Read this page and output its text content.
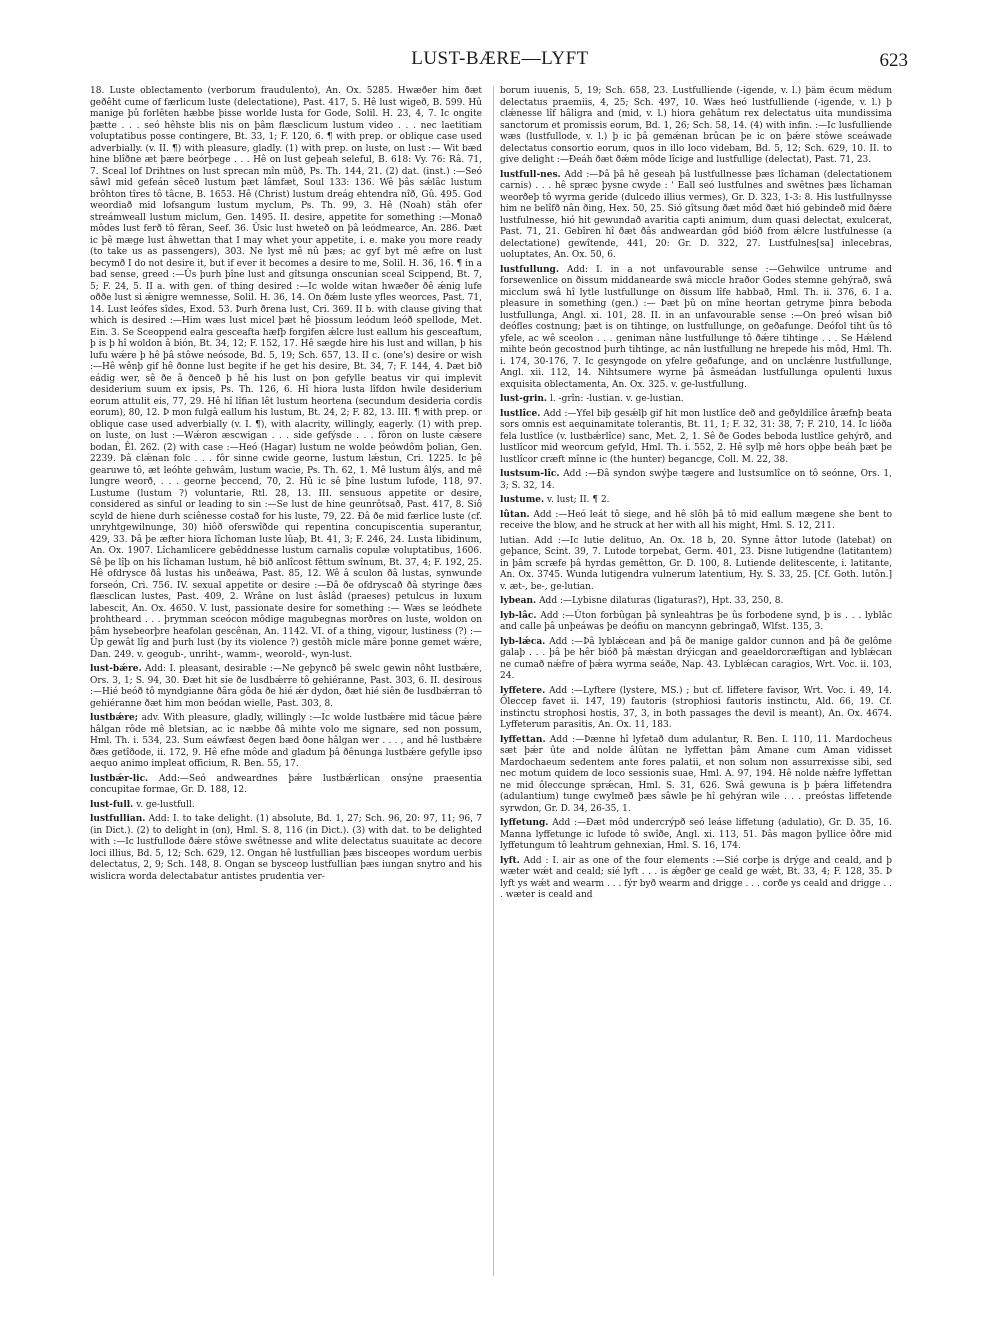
LUST-BÆRE—LYFT	623

18. Luste oblectamento (verborum fraudulento), An. Ox. 5285. Hwæðer him ðæt geðêht cume of færlicum luste (delectatione), Past. 417, 5. Hê lust wigeð, B. 599. Hû manige þû forlêten hæbbe þisse worlde lusta for Gode, Solil. H. 23, 4, 7. Ic ongite þætte . . . seó hêhste blis nis on þâm flæsclicum lustum video . . . nec laetitiam voluptatibus posse contingere, Bt. 33, 1; F. 120, 6. ¶ with prep. or oblique case used adverbially. (v. II. ¶) with pleasure, gladly. (1) with prep. on luste, on lust :— Wit bæd hine blîðne æt þære beórþege . . . Hê on lust geþeah seleful, B. 618: Vy. 76: Râ. 71, 7. Sceal lof Drihtnes on lust sprecan mîn mûð, Ps. Th. 144, 21. (2) dat. (inst.) :—Seó sâwl mid gefeán sêceð lustum þæt lâmfæt, Soul 133: 136. Wê þâs sǽlâc lustum brôhton tîres tô tâcne, B. 1653. Hê (Christ) lustum dreág ehtendra nîð, Gû. 495. God weordiað mid lofsangum lustum myclum, Ps. Th. 99, 3. Hê (Noah) stâh ofer streámweall lustum miclum, Gen. 1495. II. desire, appetite for something :—Monað môdes lust ferð tô fêran, Seef. 36. Ûsic lust hweteð on þâ leódmearce, An. 286. Þæt ic þê mæge lust âhwettan that I may whet your appetite, i. e. make you more ready (to take us as passengers), 303. Ne lyst mê nû þæs; ac gyf byt mê æfre on lust becymð I do not desire it, but if ever it becomes a desire to me, Solil. H. 36, 16. ¶ in a bad sense, greed :—Ûs þurh þîne lust and gîtsunga onscunian sceal Scippend, Bt. 7, 5; F. 24, 5. II a. with gen. of thing desired :—Ic wolde witan hwæðer ðê ǽnig lufe oððe lust si ǽnigre wemnesse, Solil. H. 36, 14. On ðǽm luste yfles weorces, Past. 71, 14. Lust leófes sîdes, Exod. 53. Þurh ðrena lust, Cri. 369. II b. with clause giving that which is desired :—Him wæs lust micel þæt hê þiossum leódum leóð spellode, Met. Ein. 3. Se Sceoppend ealra gesceafta hæfþ forgifen ǽlcre lust eallum his gesceaftum, þ is þ hî woldon â bión, Bt. 34, 12; F. 152, 17. Hê sægde hire his lust and willan, þ his lufu wǽre þ hê þâ stôwe neósode, Bd. 5, 19; Sch. 657, 13. II c. (one's) desire or wish :—Hê wênþ gif hê ðonne lust begite if he get his desire, Bt. 34, 7; F. 144, 4. Þæt bið eádig wer, sê ðe â ðenceð þ hê his lust on þon gefylle beatus vir qui implevit desiderium suum ex ipsis, Ps. Th. 126, 6. Hî hiora lusta lîfdon hwile desiderium eorum attulit eis, 77, 29. Hê hî lîfian lêt lustum heortena (secundum desideria cordis eorum), 80, 12. Þ mon fulgâ eallum his lustum, Bt. 24, 2; F. 82, 13. III. ¶ with prep. or oblique case used adverbially (v. I. ¶), with alacrity, willingly, eagerly. (1) with prep. on luste, on lust :—Wǽron æscwigan . . . side gefýsde . . . fôron on luste cǽsere bodan, Êl. 262. (2) with case :—Heó (Hagar) lustum ne wolde þeówdôm þolian, Gen. 2239. Þâ clǽnan folc . . . fôr sinne cwide georne, lustum lǽstun, Cri. 1225. Ic þê gearuwe tô, æt leóhte gehwâm, lustum wacie, Ps. Th. 62, 1. Mê lustum âlýs, and mê lungre weorð, . . . georne þeccend, 70, 2. Hû ic sê þîne lustum lufode, 118, 97. Lustume (lustum ?) voluntarie, Rtl. 28, 13. III. sensuous appetite or desire, considered as sinful or leading to sin :—Se lust de hine geunrôtsað, Past. 417, 8. Siô scyld de hiene durh sciênesse costað for his luste, 79, 22. Ðâ ðe mid færlice luste (cf. unryhtgewilnunge, 30) hiôð oferswîðde qui repentina concupiscentia superantur, 429, 33. Þâ þe æfter hiora lîchoman luste lûaþ, Bt. 41, 3; F. 246, 24. Lusta libidinum, An. Ox. 1907. Lîchamlicere gebêddnesse lustum carnalis copulæ voluptatibus, 1606. Sê þe lîþ on his lîchaman lustum, hê bið anlîcost fêttum swînum, Bt. 37, 4; F. 192, 25. Hê ofdrysce ðâ lustas his unðeáwa, Past. 85, 12. Wê â sculon ðâ lustas, synwunde forseón, Cri. 756. IV. sexual appetite or desire :—Ðâ ðe ofdryscað ðâ styringe ðæs flæsclican lustes, Past. 409, 2. Wrâne on lust âslâd (praeses) petulcus in luxum labescit, An. Ox. 4650. V. lust, passionate desire for something :— Wæs se leódhete þrohtheard . . . þrymman sceócon môdige magubegnas morðres on luste, woldon on þâm hysebeorþre heafolan gescênan, An. 1142. VI. of a thing, vigour, lustiness (?) :—Ûp gewât lîg and þurh lust (by its violence ?) gestôh micle mâre þonne gemet wǽre, Dan. 249. v. geogub-, unriht-, wamm-, weorold-, wyn-lust.

lust-bǽre. Add: I. pleasant, desirable :—Ne geþyncð þê swelc gewin nôht lustbǽre, Ors. 3, 1; S. 94, 30. Ðæt hit sie ðe lusdbǽrre tô gehiéranne, Past. 303, 6. II. desirous :—Hié beóð tô myndgianne ðâra gôda ðe hié ǽr dydon, ðæt hié siên ðe lusdbǽrran tô gehiéranne ðæt him mon beódan wielle, Past. 303, 8.

lustbǽre; adv. With pleasure, gladly, willingly :—Ic wolde lustbǽre mid tâcue þǽre hâlgan rôde mê bletsian, ac ic næbbe ðâ mihte volo me signare, sed non possum, Hml. Th. i. 534, 23. Sum eáwfæst ðegen bæd ðone hâlgan wer . . . , and hê lustbǽre ðæs getîðode, ii. 172, 9. Hê efne môde and gladum þâ ðênunga lustbǽre gefylle ipso aequo animo impleat officium, R. Ben. 55, 17.

lustbǽr-lic. Add:—Seó andweardnes þǽre lustbǽrlican onsýne praesentia concupitae formae, Gr. D. 188, 12.

lust-full. v. ge-lustfull.

lustfullian. Add: I. to take delight. (1) absolute, Bd. 1, 27; Sch. 96, 20: 97, 11; 96, 7 (in Dict.). (2) to delight in (on), Hml. S. 8, 116 (in Dict.). (3) with dat. to be delighted with :—Ic lustfullode ðǽre stôwe swêtnesse and wlite delectatus suauitate ac decore loci illius, Bd. 5, 12; Sch. 629, 12. Ongan hê lustfullian þæs bisceopes wordum uerbis delectatus, 2, 9; Sch. 148, 8. Ongan se bysceop lustfullian þæs iungan snytro and his wislicra worda delectabatur antistes prudentia ver-

borum iuuenis, 5, 19; Sch. 658, 23. Lustfulliende (-igende, v. l.) þâm êcum mêdum delectatus praemiis, 4, 25; Sch. 497, 10. Wæs heó lustfulliende (-igende, v. l.) þ clǽnesse lîf hâligra and (mid, v. l.) hiora gehâtum rex delectatus uita mundissima sanctorum et promissis eorum, Bd. 1, 26; Sch. 58, 14. (4) with infin. :—Ic lusfulliende wæs (lustfullode, v. l.) þ ic þâ gemǽnan brûcan þe ic on þǽre stôwe sceáwade delectatus consortio eorum, quos in illo loco videbam, Bd. 5, 12; Sch. 629, 10. II. to give delight :—Ðeáh ðæt ðǽm môde lîcige and lustfullige (delectat), Past. 71, 23.

lustfull-nes. Add :—Þâ þâ hê geseah þâ lustfullnesse þæs lîchaman (delectationem carnis) . . . hê spræc þysne cwyde : ' Eall seó lustfulnes and swêtnes þæs lîchaman weorðeþ tô wyrma geride (dulcedo illius vermes), Gr. D. 323, 1-3: 8. His lustfullnysse him ne belîfð nân ðing, Hex. 50, 25. Sió gîtsung ðæt môd ðæt hió gebindeð mid ðǽre lustfulnesse, hió hit gewundað avaritia capti animum, dum quasi delectat, exulcerat, Past. 71, 21. Gebîren hî ðæt ðâs andweardan gôd bióð from ǽlcre lustfulnesse (a delectatione) gewîtende, 441, 20: Gr. D. 322, 27. Lustfulnes[sa] inlecebras, uoluptates, An. Ox. 50, 6.

lustfullung. Add: I. in a not unfavourable sense :—Gehwilce untrume and forsewenlice on ðissum middanearde swâ miccle hraðor Godes stemne gehýrað, swâ micclum swâ hî lytle lustfullunge on ðissum lîfe habbað, Hml. Th. ii. 376, 6. I a. pleasure in something (gen.) :— Þæt þû on mîne heortan getryme þinra beboda lustfullunga, Angl. xi. 101, 28. II. in an unfavourable sense :—On þreó wîsan bið deófles costnung; þæt is on tihtinge, on lustfullunge, on geðafunge. Deófol tiht ûs tô yfele, ac wê sceolon . . . geniman nâne lustfullunge tô ðǽre tihtinge . . . Se Hǽlend mihte beón gecostnod þurh tihtinge, ac nân lustfullung ne hrepede his môd, Hml. Th. i. 174, 30-176, 7. Ic gesyngode on yfelre geðafunge, and on unclǽnre lustfullunge, Angl. xii. 112, 14. Nihtsumere wyrne þâ âsmeádan lustfullunga opulenti luxus exquisita oblectamenta, An. Ox. 325. v. ge-lustfullung.

lust-grin. l. -grîn: -lustian. v. ge-lustian.

lustlîce. Add :—Yfel biþ gesǽlþ gif hit mon lustlîce deð and geðyldilîce âræfnþ beata sors omnis est aequinamitate tolerantis, Bt. 11, 1; F. 32, 31: 38, 7; F. 210, 14. Ic lióða fela lustlîce (v. lustbǽrlîce) sanc, Met. 2, 1. Sê ðe Godes beboda lustlîce gehýrð, and lustlîcor mid weorcum gefyld, Hml. Th. i. 552, 2. Hê sylþ mê hors oþþe beáh þæt þe lustlîcor cræft mînne ic (the hunter) begancge, Coll. M. 22, 38.

lustsum-lîc. Add :—Ðâ syndon swýþe tægere and lustsumlîce on tô seónne, Ors. 1, 3; S. 32, 14.

lustume. v. lust; II. ¶ 2.

lûtan. Add :—Heó leát tô siege, and hê slôh þâ tô mid eallum mægene she bent to receive the blow, and he struck at her with all his might, Hml. S. 12, 211.

lutian. Add :—Ic lutie delituo, An. Ox. 18 b, 20. Synne âttor lutode (latebat) on geþance, Scint. 39, 7. Lutode torpebat, Germ. 401, 23. Þisne lutigendne (latitantem) in þâm scræfe þâ hyrdas gemêtton, Gr. D. 100, 8. Lutiende delitescente, i. latitante, An. Ox. 3745. Wunda lutigendra vulnerum latentium, Hy. S. 33, 25. [Cf. Goth. lutôn.] v. æt-, be-, ge-lutian.

lybean. Add :—Lybisne dilaturas (ligaturas?), Hpt. 33, 250, 8.

lyb-lâc. Add :—Ûton forbûgan þâ synleahtras þe ûs forbodene synd, þ is . . . lyblâc and calle þâ unþeáwas þe deófiu on mancynn gebringað, Wlfst. 135, 3.

lyb-lǽca. Add :—Þâ lyblǽcean and þâ ðe manige galdor cunnon and þâ ðe gelôme galaþ . . . þâ þe hêr bióð þâ mǽstan drýicgan and geaeldorcræftigan and lyblǽcan ne cumað nǽfre of þǽra wyrma seáðe, Nap. 43. Lyblǽcan caragios, Wrt. Voc. ii. 103, 24.

lyffetere. Add :—Lyftere (lystere, MS.) ; but cf. liffetere favisor, Wrt. Voc. i. 49, 14. Ôleccep favet ii. 147, 19) fautoris (strophiosi fautoris instinctu, Ald. 66, 19. Cf. instinctu strophosi hostis, 37, 3, in both passages the devil is meant), An. Ox. 4674. Lyffeterum parasitis, An. Ox. 11, 183.

lyffettan. Add :—Þænne hî lyfetað dum adulantur, R. Ben. I. 110, 11. Mardocheus sæt þǽr ûte and nolde âlûtan ne lyffettan þâm Amane cum Aman vidisset Mardochaeum sedentem ante fores palatii, et non solum non assurrexisse sibi, sed nec motum quidem de loco sessionis suae, Hml. A. 97, 194. Hê nolde nǽfre lyffettan ne mid ôleccunge sprǽcan, Hml. S. 31, 626. Swâ gewuna is þ þǽra liffetendra (adulantium) tunge cwylmeð þæs sâwle þe hî gehýran wile . . . preóstas liffetende syrwdon, Gr. D. 34, 26-35, 1.

lyffetung. Add :—Ðæt môd undercrýpð seó leáse liffetung (adulatio), Gr. D. 35, 16. Manna lyffetunge ic lufode tô swîðe, Angl. xi. 113, 51. Þâs magon þyllice ôðre mid lyffetungum tô leahtrum gehnexian, Hml. S. 16, 174.

lyft. Add : I. air as one of the four elements :—Sié corþe is drýge and ceald, and þ wæter wǽt and ceald; sié lyft . . . is ǽgðer ge ceald ge wǽt, Bt. 33, 4; F. 128, 35. Þ lyft ys wǽt and wearm . . . fýr byð wearm and drigge . . . corðe ys ceald and drigge . . . wæter is ceald and
